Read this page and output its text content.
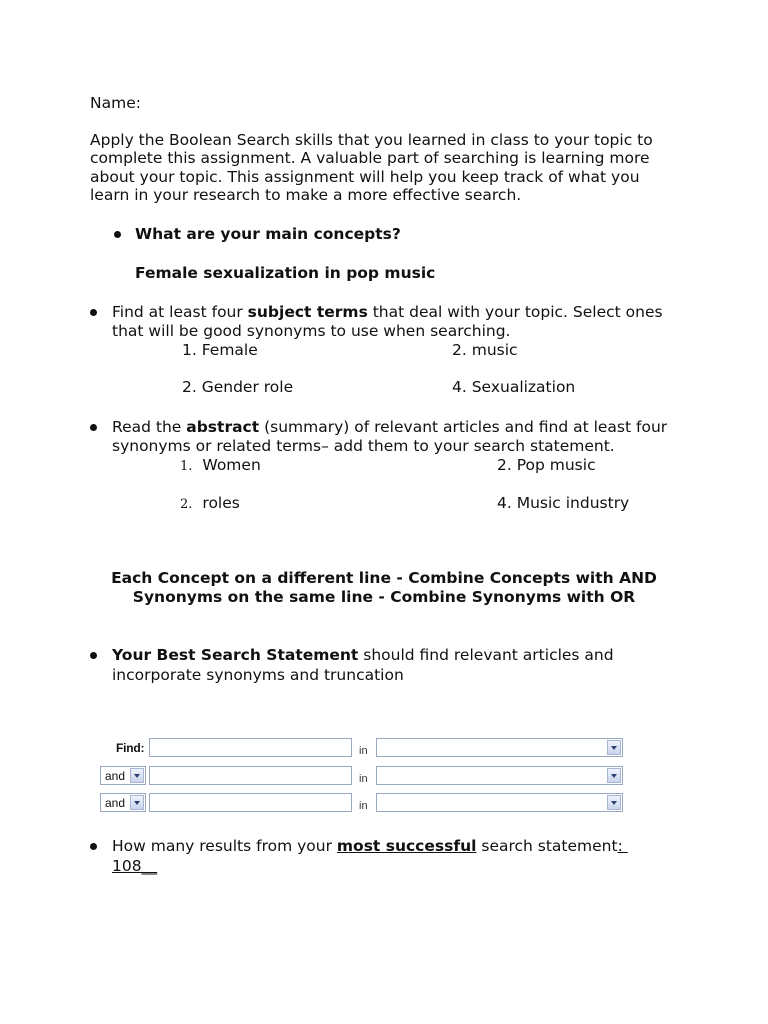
Name:
Apply the Boolean Search skills that you learned in class to your topic to
complete this assignment. A valuable part of searching is learning more
about your topic. This assignment will help you keep track of what you
learn in your research to make a more effective search.
What are your main concepts?
Female sexualization in pop music
Find at least four subject terms that deal with your topic. Select ones
that will be good synonyms to use when searching.
1. Female	2. music
2. Gender role	4. Sexualization
Read the abstract (summary) of relevant articles and find at least four
synonyms or related terms– add them to your search statement.
1. Women	2. Pop music
2. roles	4. Music industry
Each Concept on a different line - Combine Concepts with AND
Synonyms on the same line - Combine Synonyms with OR
Your Best Search Statement should find relevant articles and
incorporate synonyms and truncation
Find:	in
and	in
and	in
How many results from your most successful search statement:
108__
